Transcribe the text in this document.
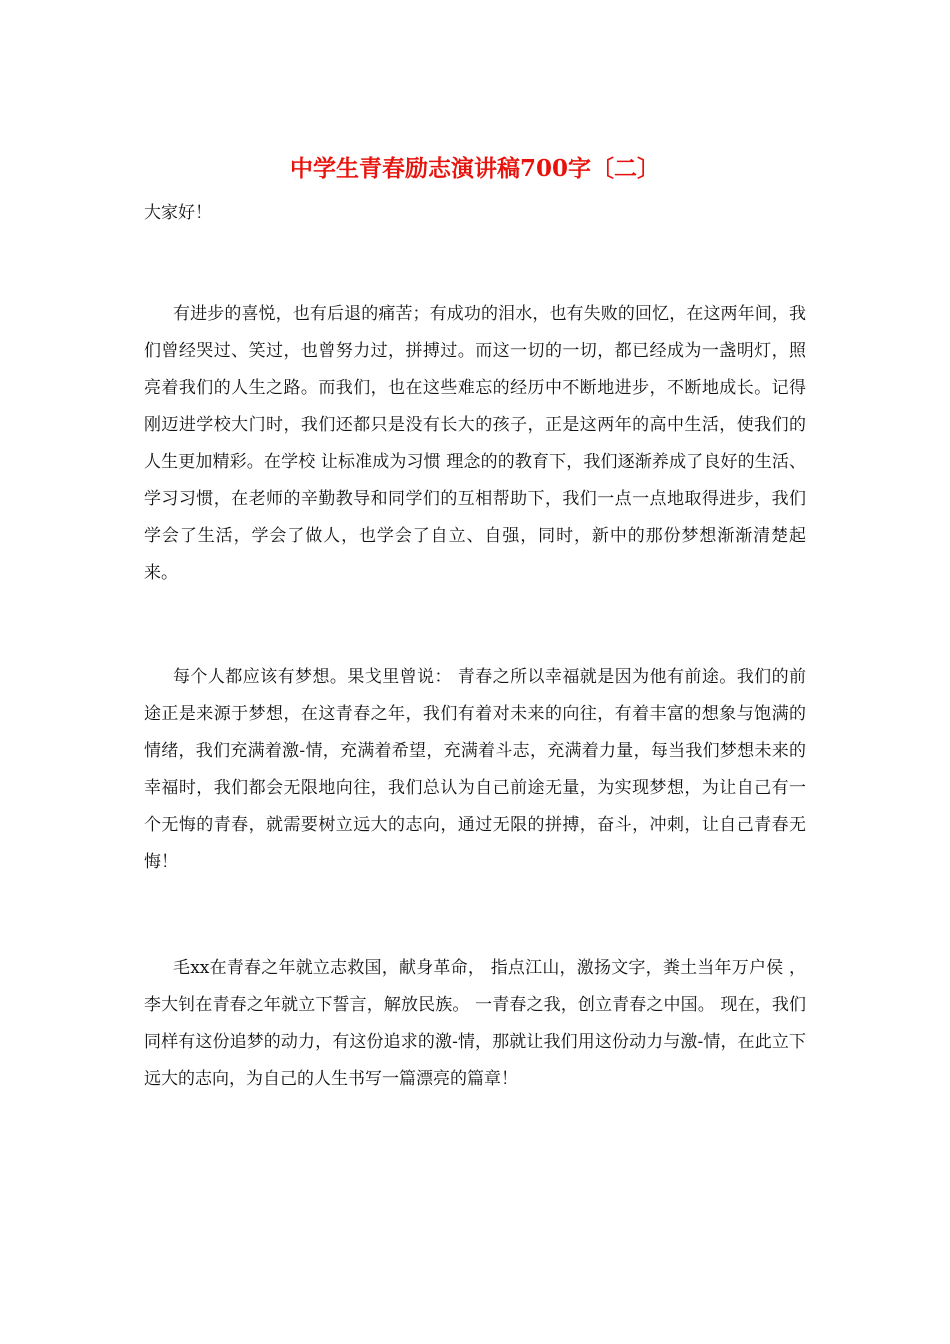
中学生青春励志演讲稿700字〔二〕

大家好！

有进步的喜悦，也有后退的痛苦；有成功的泪水，也有失败的回忆，在这两年间，我们曾经哭过、笑过，也曾努力过，拼搏过。而这一切的一切，都已经成为一盏明灯，照亮着我们的人生之路。而我们，也在这些难忘的经历中不断地进步，不断地成长。记得刚迈进学校大门时，我们还都只是没有长大的孩子，正是这两年的高中生活，使我们的人生更加精彩。在学校 让标准成为习惯 理念的的教育下，我们逐渐养成了良好的生活、学习习惯，在老师的辛勤教导和同学们的互相帮助下，我们一点一点地取得进步，我们学会了生活，学会了做人，也学会了自立、自强，同时，新中的那份梦想渐渐清楚起来。

每个人都应该有梦想。果戈里曾说： 青春之所以幸福就是因为他有前途。我们的前途正是来源于梦想，在这青春之年，我们有着对未来的向往，有着丰富的想象与饱满的情绪，我们充满着激-情，充满着希望，充满着斗志，充满着力量，每当我们梦想未来的幸福时，我们都会无限地向往，我们总认为自己前途无量，为实现梦想，为让自己有一个无悔的青春，就需要树立远大的志向，通过无限的拼搏，奋斗，冲刺，让自己青春无悔！

毛xx在青春之年就立志救国，献身革命， 指点江山，激扬文字，粪土当年万户侯 ，李大钊在青春之年就立下誓言，解放民族。 一青春之我，创立青春之中国。 现在，我们同样有这份追梦的动力，有这份追求的激-情，那就让我们用这份动力与激-情，在此立下远大的志向，为自己的人生书写一篇漂亮的篇章！
